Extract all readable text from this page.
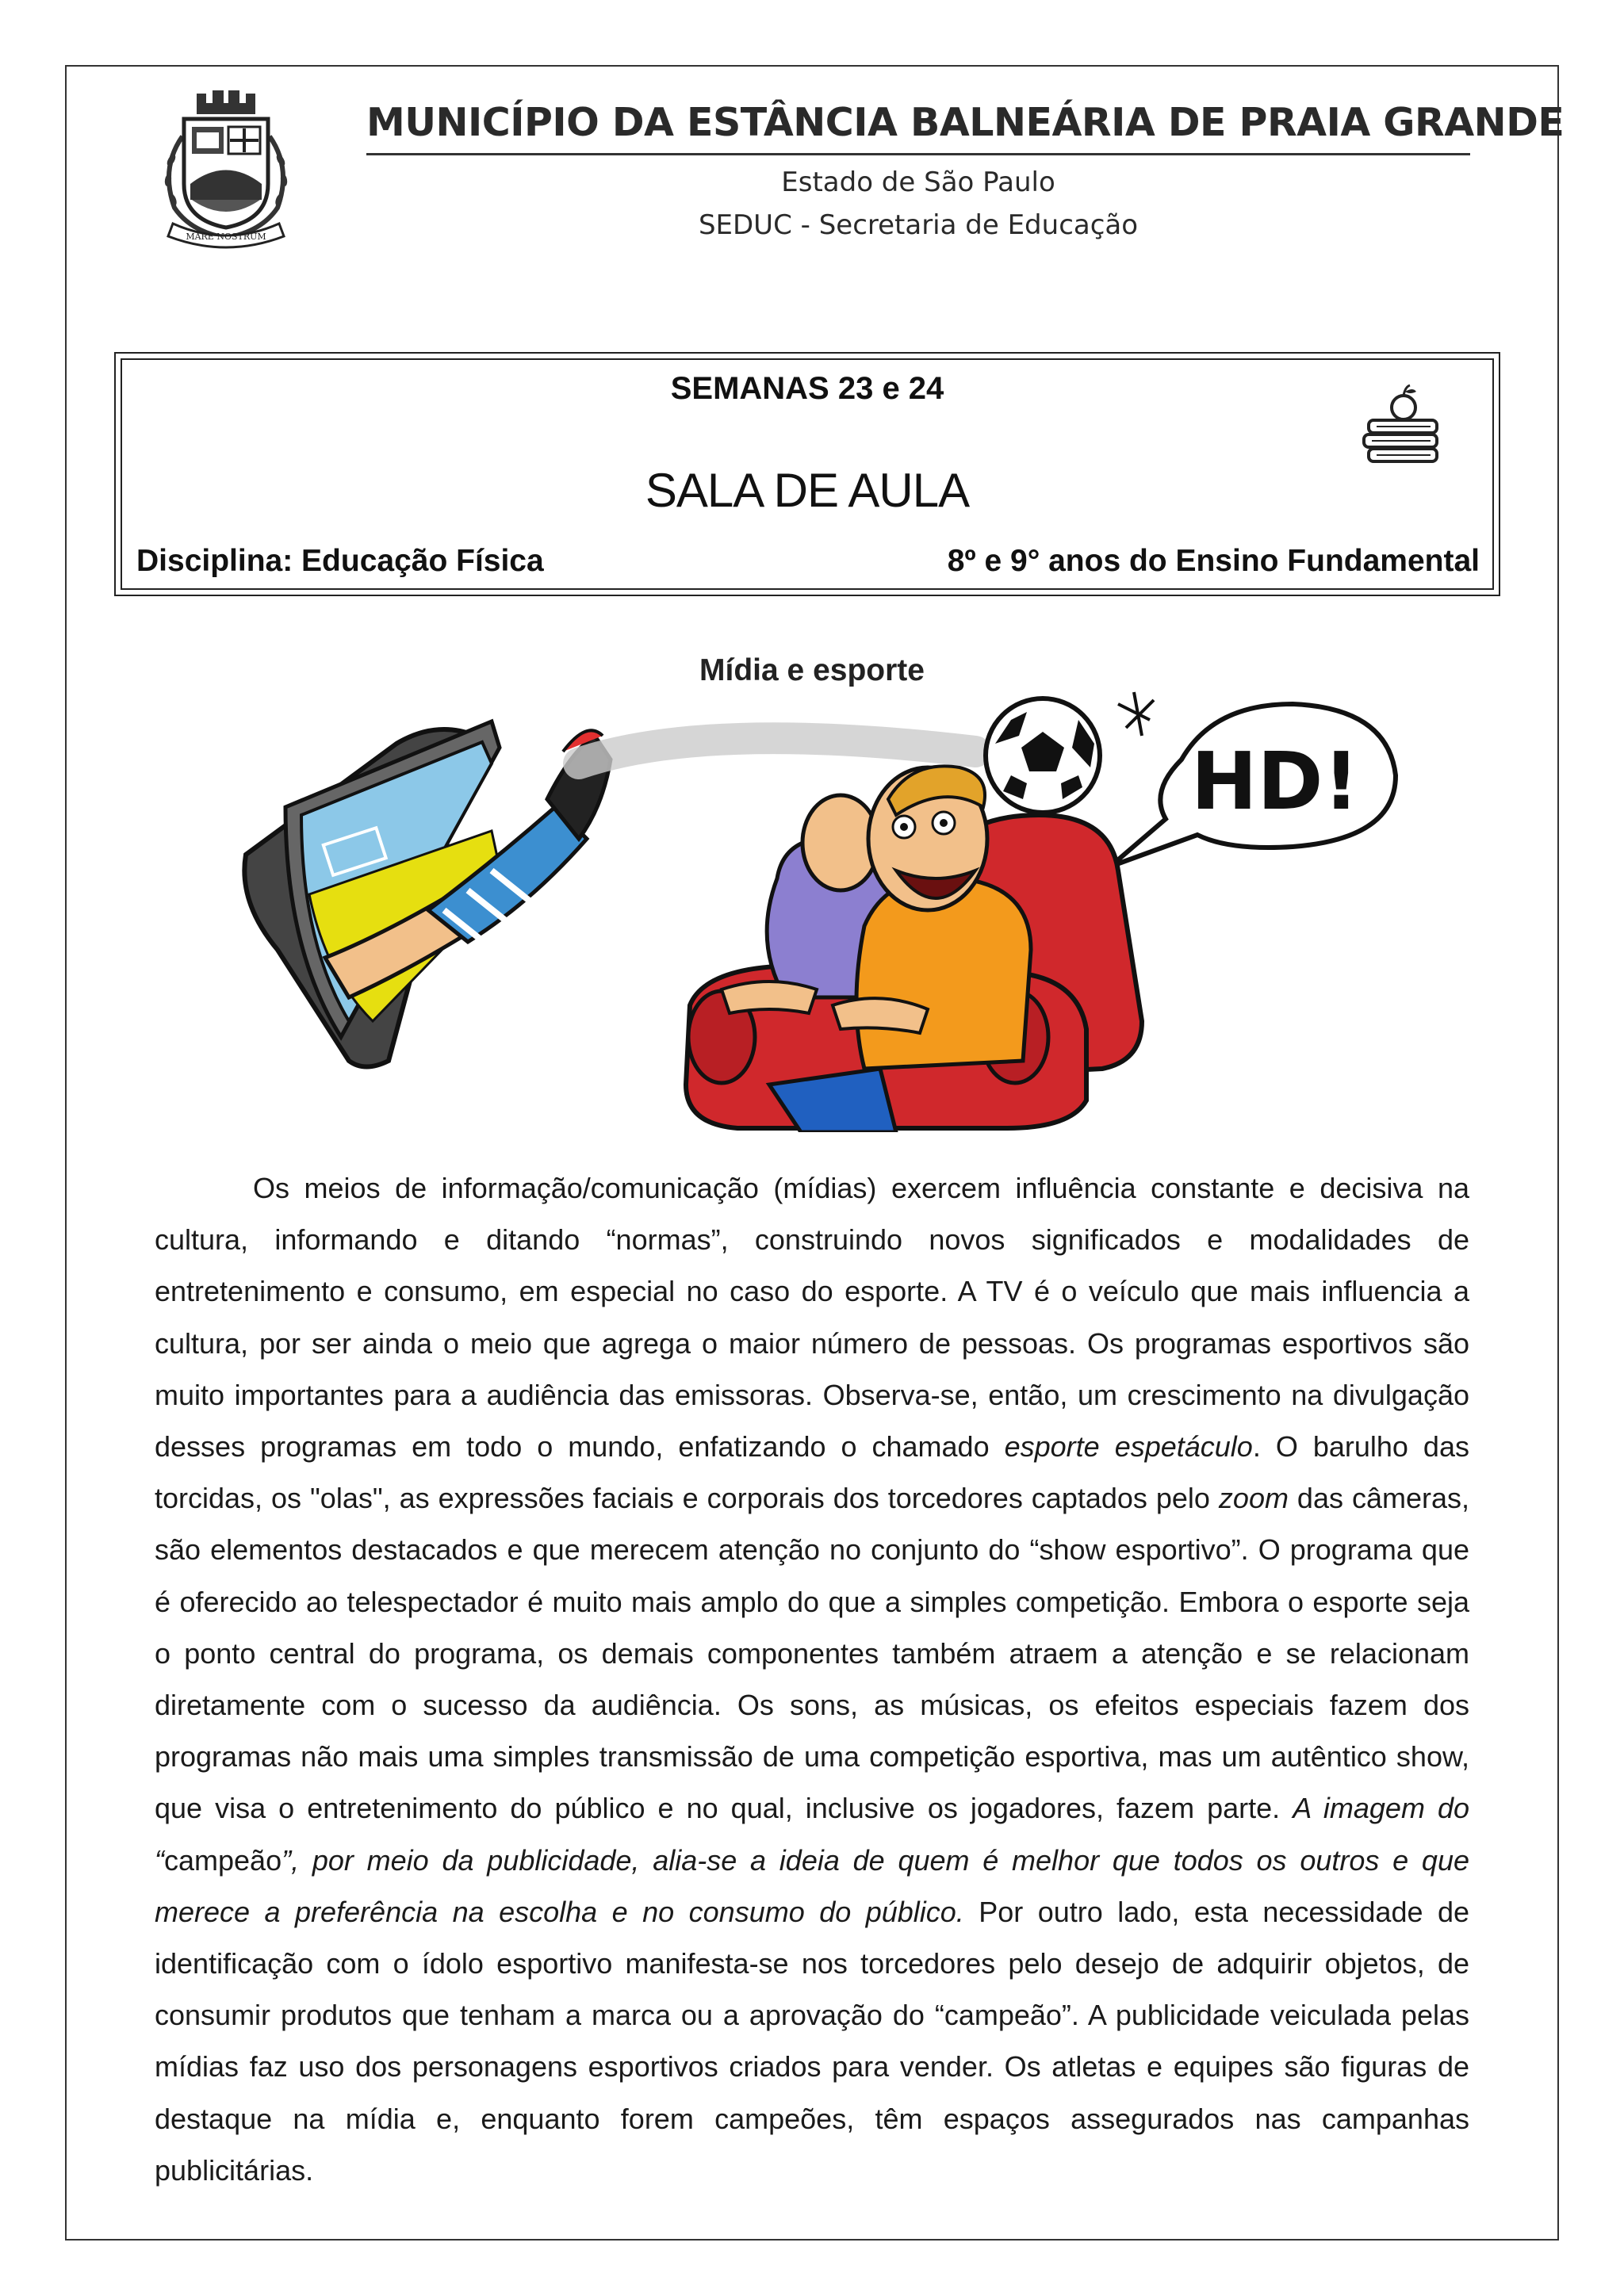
MARE NOSTRUM
MUNICÍPIO DA ESTÂNCIA BALNEÁRIA DE PRAIA GRANDE
Estado de São Paulo
SEDUC - Secretaria de Educação
SEMANAS 23 e 24
SALA DE AULA
Disciplina: Educação Física	8º e 9° anos do Ensino Fundamental
Mídia e esporte
HD!

Os meios de informação/comunicação (mídias) exercem influência constante e decisiva na cultura, informando e ditando “normas”, construindo novos significados e modalidades de entretenimento e consumo, em especial no caso do esporte. A TV é o veículo que mais influencia a cultura, por ser ainda o meio que agrega o maior número de pessoas. Os programas esportivos são muito importantes para a audiência das emissoras. Observa-se, então, um crescimento na divulgação desses programas em todo o mundo, enfatizando o chamado esporte espetáculo. O barulho das torcidas, os "olas", as expressões faciais e corporais dos torcedores captados pelo zoom das câmeras, são elementos destacados e que merecem atenção no conjunto do “show esportivo”. O programa que é oferecido ao telespectador é muito mais amplo do que a simples competição. Embora o esporte seja o ponto central do programa, os demais componentes também atraem a atenção e se relacionam diretamente com o sucesso da audiência. Os sons, as músicas, os efeitos especiais fazem dos programas não mais uma simples transmissão de uma competição esportiva, mas um autêntico show, que visa o entretenimento do público e no qual, inclusive os jogadores, fazem parte. A imagem do “campeão”, por meio da publicidade, alia-se a ideia de quem é melhor que todos os outros e que merece a preferência na escolha e no consumo do público. Por outro lado, esta necessidade de identificação com o ídolo esportivo manifesta-se nos torcedores pelo desejo de adquirir objetos, de consumir produtos que tenham a marca ou a aprovação do “campeão”. A publicidade veiculada pelas mídias faz uso dos personagens esportivos criados para vender. Os atletas e equipes são figuras de destaque na mídia e, enquanto forem campeões, têm espaços assegurados nas campanhas publicitárias.
